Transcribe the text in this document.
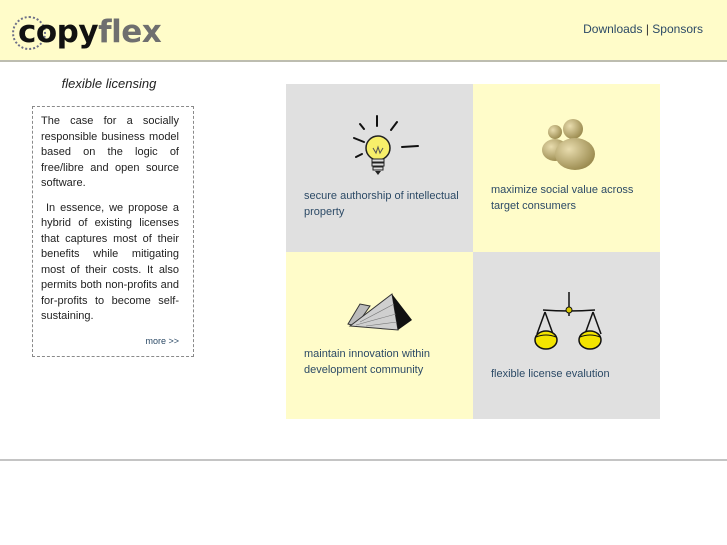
copyflex	Downloads | Sponsors
flexible licensing

The case for a socially responsible business model based on the logic of free/libre and open source software.

In essence, we propose a hybrid of existing licenses that captures most of their benefits while mitigating most of their costs. It also permits both non-profits and for-profits to become self-sustaining.

more >>
secure authorship of intellectual property
maximize social value across target consumers
maintain innovation within development community	flexible license evalution
